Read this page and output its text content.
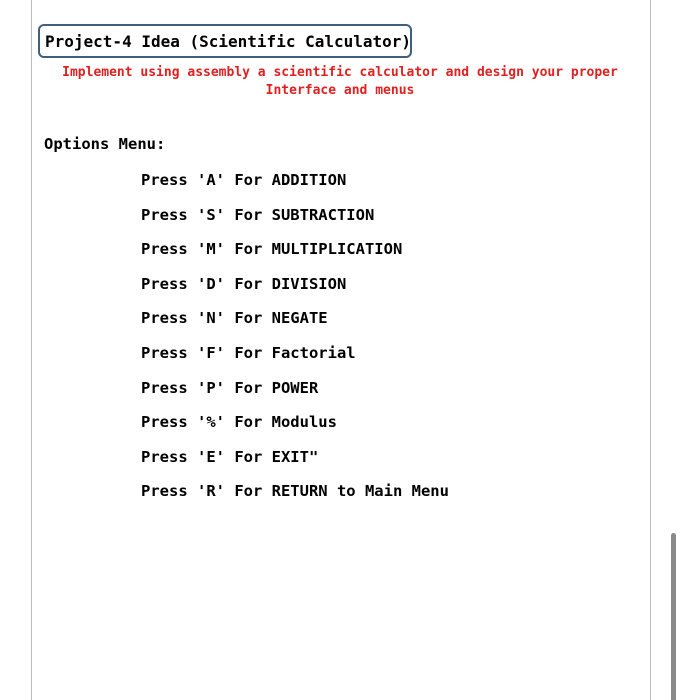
Project-4 Idea (Scientific Calculator)
Implement using assembly a scientific calculator and design your proper
Interface and menus
Options Menu:
Press 'A' For ADDITION
Press 'S' For SUBTRACTION
Press 'M' For MULTIPLICATION
Press 'D' For DIVISION
Press 'N' For NEGATE
Press 'F' For Factorial
Press 'P' For POWER
Press '%' For Modulus
Press 'E' For EXIT"
Press 'R' For RETURN to Main Menu
